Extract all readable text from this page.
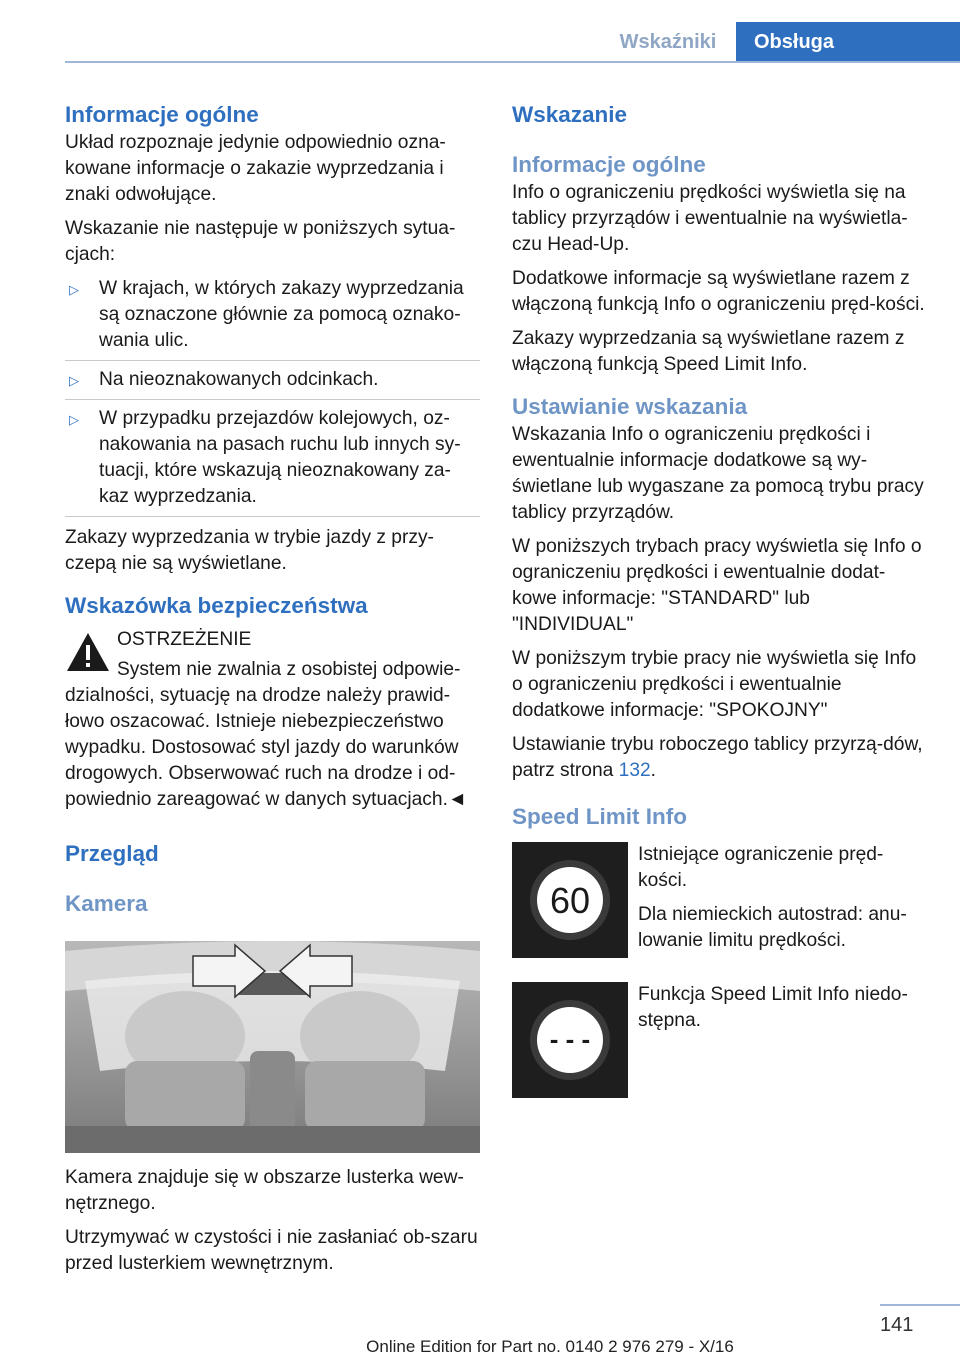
Wskaźniki	Obsługa
Informacje ogólne

Układ rozpoznaje jedynie odpowiednio ozna-kowane informacje o zakazie wyprzedzania i znaki odwołujące.

Wskazanie nie następuje w poniższych sytua-cjach:

▷ W krajach, w których zakazy wyprzedzania są oznaczone głównie za pomocą oznako-wania ulic.
▷ Na nieoznakowanych odcinkach.
▷ W przypadku przejazdów kolejowych, oz-nakowania na pasach ruchu lub innych sy-tuacji, które wskazują nieoznakowany za-kaz wyprzedzania.

Zakazy wyprzedzania w trybie jazdy z przy-czepą nie są wyświetlane.

Wskazówka bezpieczeństwa

OSTRZEŻENIE

System nie zwalnia z osobistej odpowie-

dzialności, sytuację na drodze należy prawid-łowo oszacować. Istnieje niebezpieczeństwo wypadku. Dostosować styl jazdy do warunków drogowych. Obserwować ruch na drodze i od-powiednio zareagować w danych sytuacjach.◄

Przegląd
Kamera

Kamera znajduje się w obszarze lusterka wew-nętrznego.

Utrzymywać w czystości i nie zasłaniać ob-szaru przed lusterkiem wewnętrznym.

Wskazanie
Informacje ogólne

Info o ograniczeniu prędkości wyświetla się na tablicy przyrządów i ewentualnie na wyświetla-czu Head-Up.

Dodatkowe informacje są wyświetlane razem z włączoną funkcją Info o ograniczeniu pręd-kości.

Zakazy wyprzedzania są wyświetlane razem z włączoną funkcją Speed Limit Info.

Ustawianie wskazania

Wskazania Info o ograniczeniu prędkości i ewentualnie informacje dodatkowe są wy-świetlane lub wygaszane za pomocą trybu pracy tablicy przyrządów.

W poniższych trybach pracy wyświetla się Info o ograniczeniu prędkości i ewentualnie dodat-kowe informacje: "STANDARD" lub "INDIVIDUAL"

W poniższym trybie pracy nie wyświetla się Info o ograniczeniu prędkości i ewentualnie dodatkowe informacje: "SPOKOJNY"

Ustawianie trybu roboczego tablicy przyrzą-dów, patrz strona 132.

Speed Limit Info
60

Istniejące ograniczenie pręd-kości.

Dla niemieckich autostrad: anu-lowanie limitu prędkości.

- - -

Funkcja Speed Limit Info niedo-stępna.

141
Online Edition for Part no. 0140 2 976 279 - X/16
